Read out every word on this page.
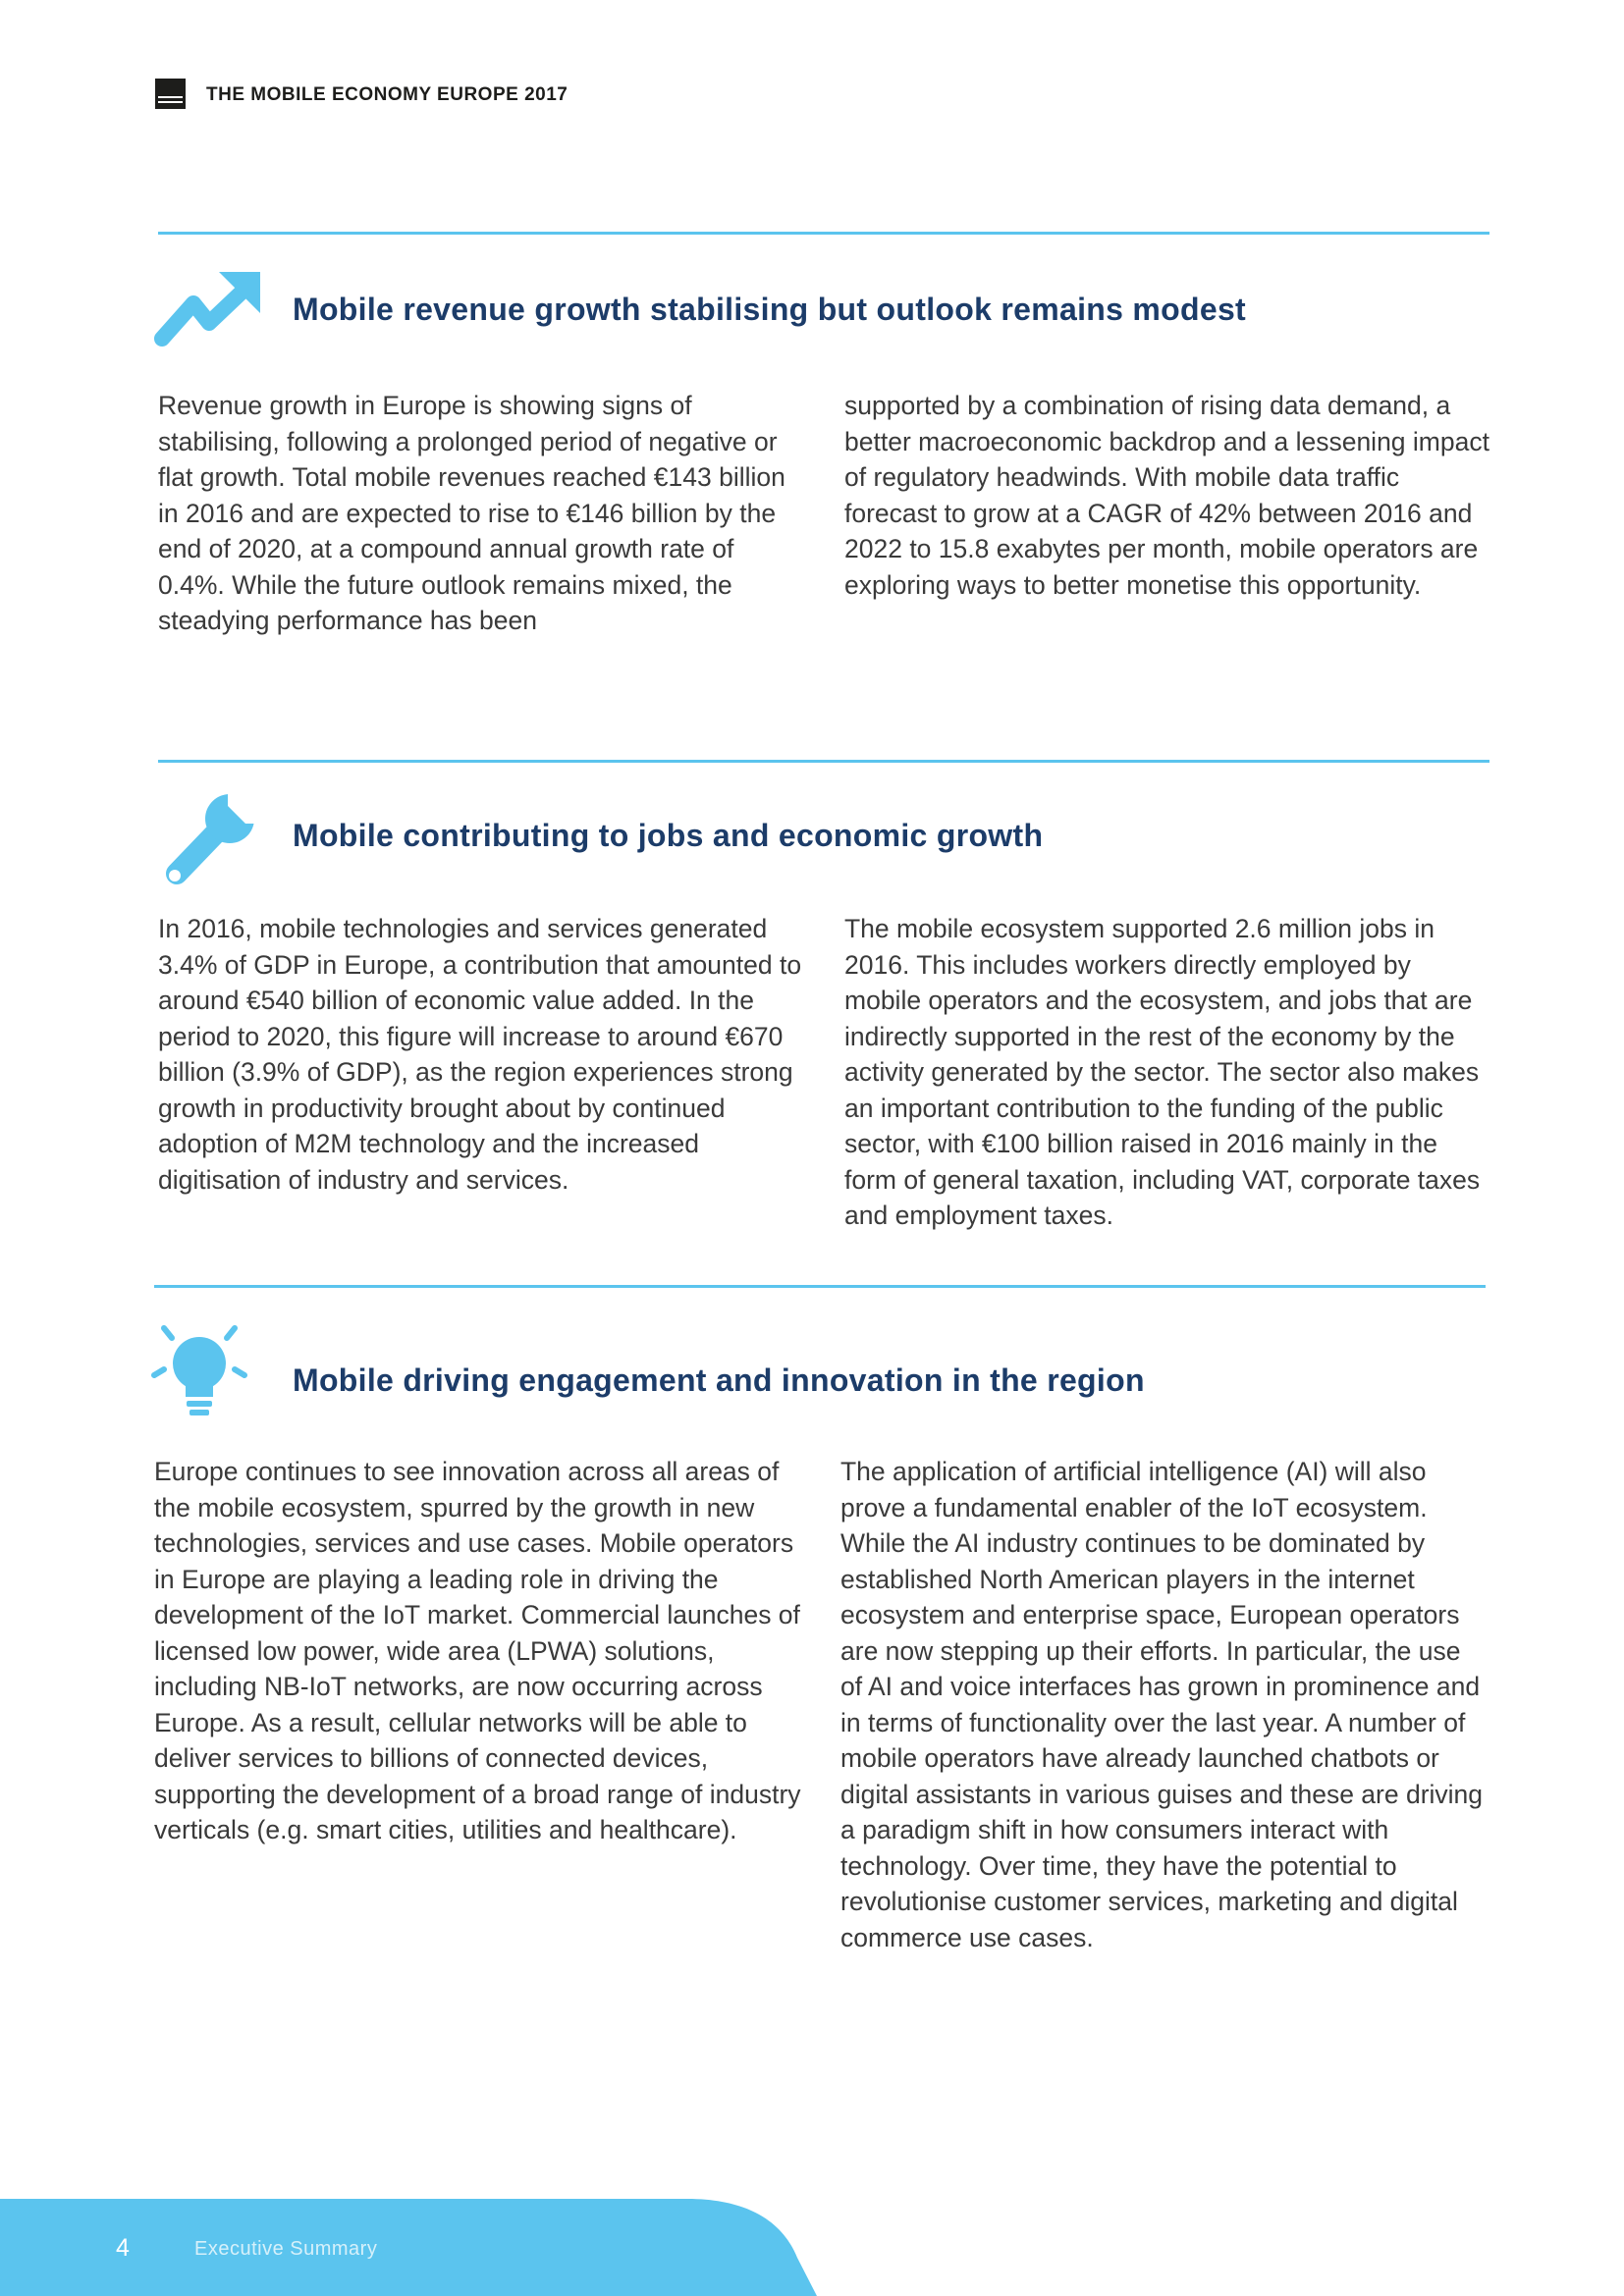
THE MOBILE ECONOMY EUROPE 2017
Mobile revenue growth stabilising but outlook remains modest

Revenue growth in Europe is showing signs of stabilising, following a prolonged period of negative or flat growth. Total mobile revenues reached €143 billion in 2016 and are expected to rise to €146 billion by the end of 2020, at a compound annual growth rate of 0.4%. While the future outlook remains mixed, the steadying performance has been

supported by a combination of rising data demand, a better macroeconomic backdrop and a lessening impact of regulatory headwinds. With mobile data traffic forecast to grow at a CAGR of 42% between 2016 and 2022 to 15.8 exabytes per month, mobile operators are exploring ways to better monetise this opportunity.

Mobile contributing to jobs and economic growth

In 2016, mobile technologies and services generated 3.4% of GDP in Europe, a contribution that amounted to around €540 billion of economic value added. In the period to 2020, this figure will increase to around €670 billion (3.9% of GDP), as the region experiences strong growth in productivity brought about by continued adoption of M2M technology and the increased digitisation of industry and services.

The mobile ecosystem supported 2.6 million jobs in 2016. This includes workers directly employed by mobile operators and the ecosystem, and jobs that are indirectly supported in the rest of the economy by the activity generated by the sector. The sector also makes an important contribution to the funding of the public sector, with €100 billion raised in 2016 mainly in the form of general taxation, including VAT, corporate taxes and employment taxes.

Mobile driving engagement and innovation in the region

Europe continues to see innovation across all areas of the mobile ecosystem, spurred by the growth in new technologies, services and use cases. Mobile operators in Europe are playing a leading role in driving the development of the IoT market. Commercial launches of licensed low power, wide area (LPWA) solutions, including NB-IoT networks, are now occurring across Europe. As a result, cellular networks will be able to deliver services to billions of connected devices, supporting the development of a broad range of industry verticals (e.g. smart cities, utilities and healthcare).

The application of artificial intelligence (AI) will also prove a fundamental enabler of the IoT ecosystem. While the AI industry continues to be dominated by established North American players in the internet ecosystem and enterprise space, European operators are now stepping up their efforts. In particular, the use of AI and voice interfaces has grown in prominence and in terms of functionality over the last year. A number of mobile operators have already launched chatbots or digital assistants in various guises and these are driving a paradigm shift in how consumers interact with technology. Over time, they have the potential to revolutionise customer services, marketing and digital commerce use cases.

4	Executive Summary
